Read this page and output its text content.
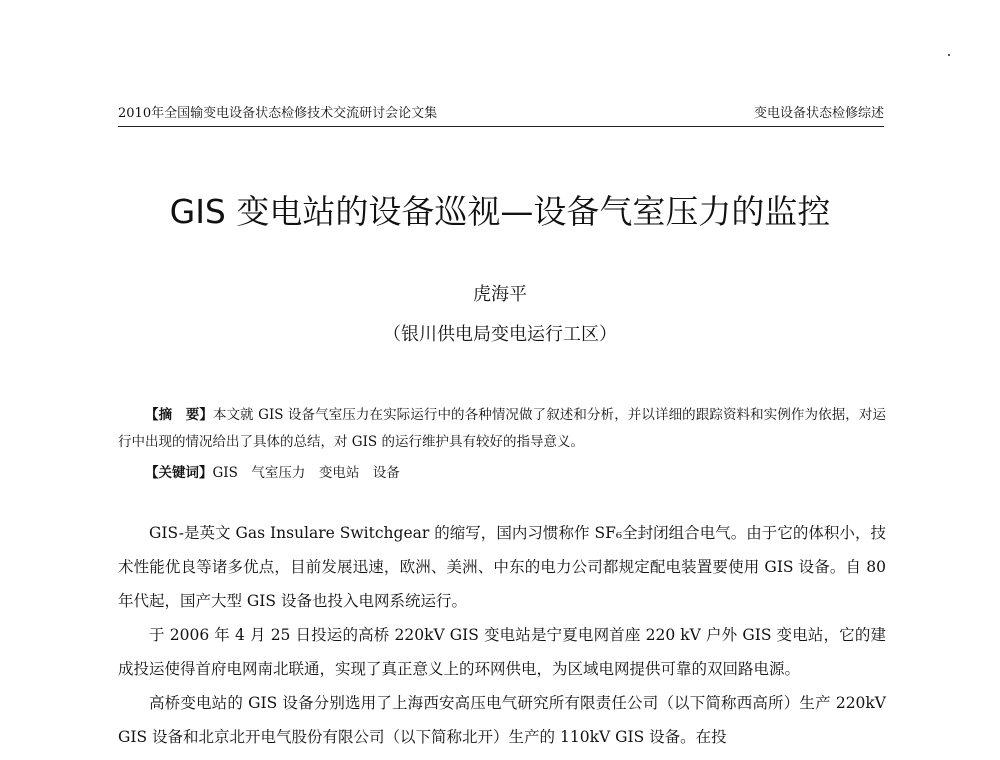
2010年全国输变电设备状态检修技术交流研讨会论文集	变电设备状态检修综述
GIS 变电站的设备巡视—设备气室压力的监控
虎海平
（银川供电局变电运行工区）
【摘　要】本文就 GIS 设备气室压力在实际运行中的各种情况做了叙述和分析，并以详细的跟踪资料和实例作为依据，对运行中出现的情况给出了具体的总结，对 GIS 的运行维护具有较好的指导意义。
【关键词】GIS　气室压力　变电站　设备

GIS-是英文 Gas Insulare Switchgear 的缩写，国内习惯称作 SF₆全封闭组合电气。由于它的体积小，技术性能优良等诸多优点，目前发展迅速，欧洲、美洲、中东的电力公司都规定配电装置要使用 GIS 设备。自 80 年代起，国产大型 GIS 设备也投入电网系统运行。

于 2006 年 4 月 25 日投运的高桥 220kV GIS 变电站是宁夏电网首座 220 kV 户外 GIS 变电站，它的建成投运使得首府电网南北联通，实现了真正意义上的环网供电，为区域电网提供可靠的双回路电源。

高桥变电站的 GIS 设备分别选用了上海西安高压电气研究所有限责任公司（以下简称西高所）生产 220kV GIS 设备和北京北开电气股份有限公司（以下简称北开）生产的 110kV GIS 设备。在投
